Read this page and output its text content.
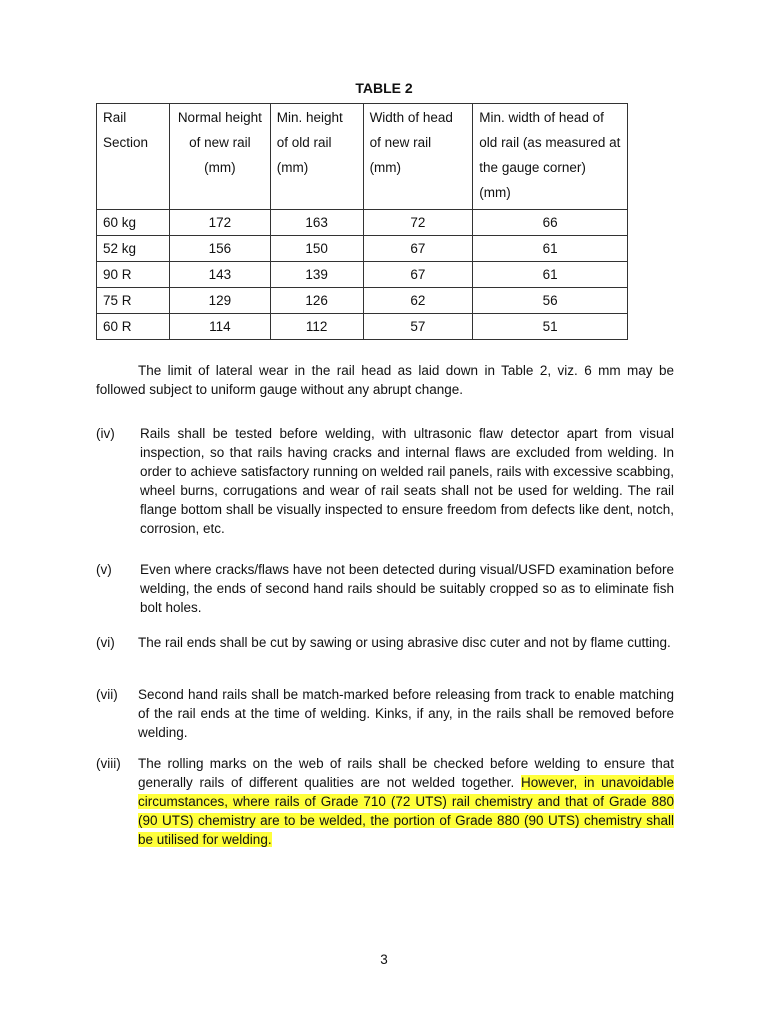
TABLE 2
Rail Section	Normal height of new rail (mm)	Min. height of old rail (mm)	Width of head of new rail (mm)	Min. width of head of old rail (as measured at the gauge corner) (mm)
60 kg	172	163	72	66
52 kg	156	150	67	61
90 R	143	139	67	61
75 R	129	126	62	56
60 R	114	112	57	51
The limit of lateral wear in the rail head as laid down in Table 2, viz. 6 mm may be followed subject to uniform gauge without any abrupt change.
(iv) Rails shall be tested before welding, with ultrasonic flaw detector apart from visual inspection, so that rails having cracks and internal flaws are excluded from welding. In order to achieve satisfactory running on welded rail panels, rails with excessive scabbing, wheel burns, corrugations and wear of rail seats shall not be used for welding. The rail flange bottom shall be visually inspected to ensure freedom from defects like dent, notch, corrosion, etc.
(v) Even where cracks/flaws have not been detected during visual/USFD examination before welding, the ends of second hand rails should be suitably cropped so as to eliminate fish bolt holes.
(vi) The rail ends shall be cut by sawing or using abrasive disc cuter and not by flame cutting.
(vii) Second hand rails shall be match-marked before releasing from track to enable matching of the rail ends at the time of welding. Kinks, if any, in the rails shall be removed before welding.
(viii) The rolling marks on the web of rails shall be checked before welding to ensure that generally rails of different qualities are not welded together. However, in unavoidable circumstances, where rails of Grade 710 (72 UTS) rail chemistry and that of Grade 880 (90 UTS) chemistry are to be welded, the portion of Grade 880 (90 UTS) chemistry shall be utilised for welding.
3
